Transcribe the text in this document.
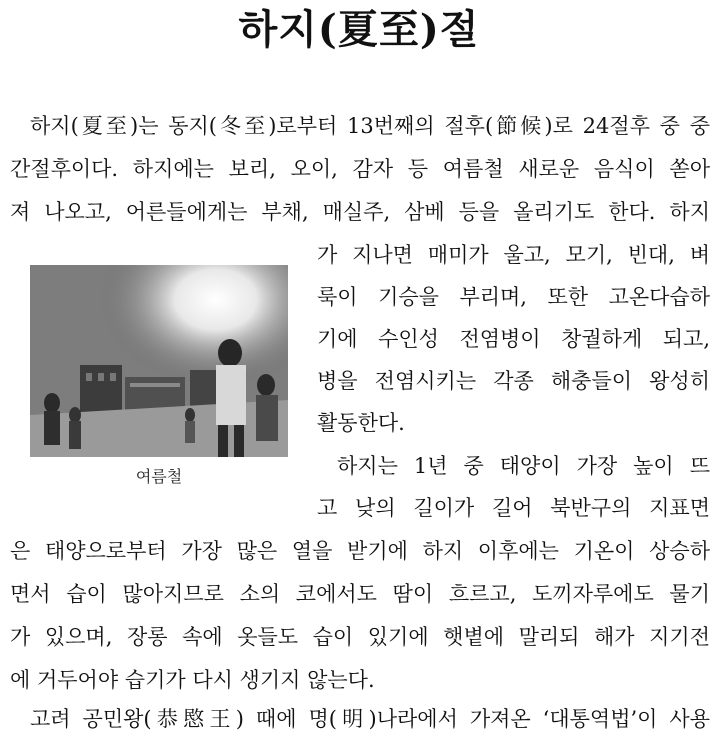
하지(夏至)절
하지(夏至)는 동지(冬至)로부터 13번째의 절후(節候)로 24절후 중 중
간절후이다. 하지에는 보리, 오이, 감자 등 여름철 새로운 음식이 쏟아
져 나오고, 어른들에게는 부채, 매실주, 삼베 등을 올리기도 한다. 하지
가 지나면 매미가 울고, 모기, 빈대, 벼
룩이 기승을 부리며, 또한 고온다습하
기에 수인성 전염병이 창궐하게 되고,
병을 전염시키는 각종 해충들이 왕성히
활동한다.
여름철	하지는 1년 중 태양이 가장 높이 뜨
고 낮의 길이가 길어 북반구의 지표면
은 태양으로부터 가장 많은 열을 받기에 하지 이후에는 기온이 상승하
면서 습이 많아지므로 소의 코에서도 땀이 흐르고, 도끼자루에도 물기
가 있으며, 장롱 속에 옷들도 습이 있기에 햇볕에 말리되 해가 지기전
에 거두어야 습기가 다시 생기지 않는다.
고려 공민왕(恭愍王) 때에 명(明)나라에서 가져온 ‘대통역법’이 사용
